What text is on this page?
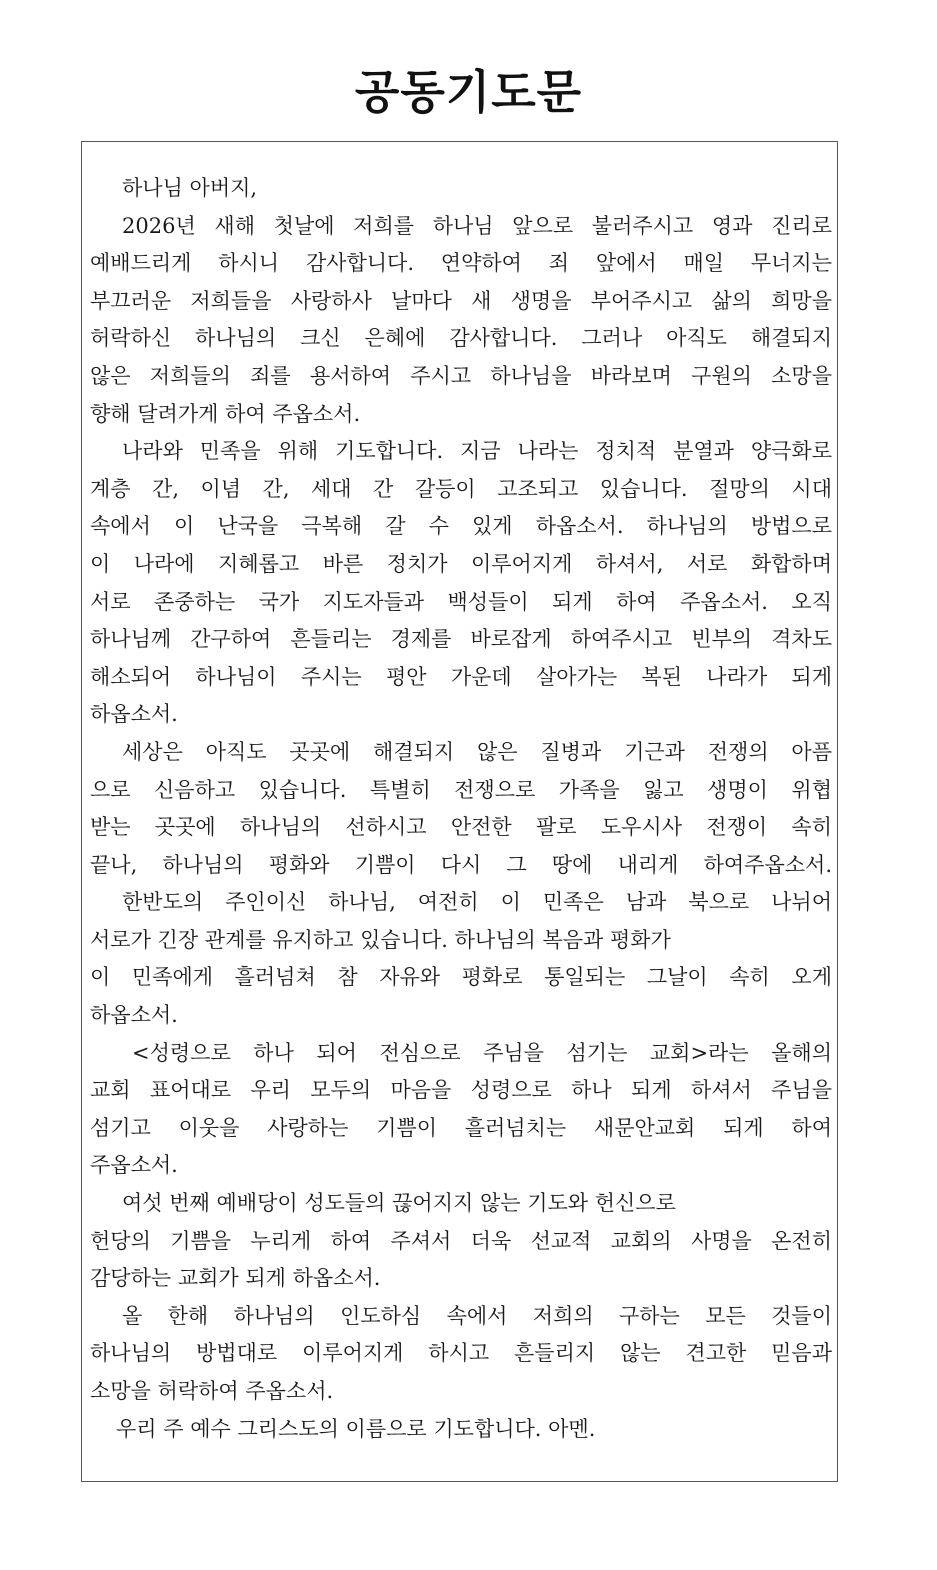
공동기도문
하나님 아버지,
2026년 새해 첫날에 저희를 하나님 앞으로 불러주시고 영과 진리로
예배드리게 하시니 감사합니다. 연약하여 죄 앞에서 매일 무너지는
부끄러운 저희들을 사랑하사 날마다 새 생명을 부어주시고 삶의 희망을
허락하신 하나님의 크신 은혜에 감사합니다. 그러나 아직도 해결되지
않은 저희들의 죄를 용서하여 주시고 하나님을 바라보며 구원의 소망을
향해 달려가게 하여 주옵소서.
나라와 민족을 위해 기도합니다. 지금 나라는 정치적 분열과 양극화로
계층 간, 이념 간, 세대 간 갈등이 고조되고 있습니다. 절망의 시대
속에서 이 난국을 극복해 갈 수 있게 하옵소서. 하나님의 방법으로
이 나라에 지혜롭고 바른 정치가 이루어지게 하셔서, 서로 화합하며
서로 존중하는 국가 지도자들과 백성들이 되게 하여 주옵소서. 오직
하나님께 간구하여 흔들리는 경제를 바로잡게 하여주시고 빈부의 격차도
해소되어 하나님이 주시는 평안 가운데 살아가는 복된 나라가 되게
하옵소서.
세상은 아직도 곳곳에 해결되지 않은 질병과 기근과 전쟁의 아픔
으로 신음하고 있습니다. 특별히 전쟁으로 가족을 잃고 생명이 위협
받는 곳곳에 하나님의 선하시고 안전한 팔로 도우시사 전쟁이 속히
끝나, 하나님의 평화와 기쁨이 다시 그 땅에 내리게 하여주옵소서.
한반도의 주인이신 하나님, 여전히 이 민족은 남과 북으로 나뉘어
서로가 긴장 관계를 유지하고 있습니다. 하나님의 복음과 평화가
이 민족에게 흘러넘쳐 참 자유와 평화로 통일되는 그날이 속히 오게
하옵소서.
<성령으로 하나 되어 전심으로 주님을 섬기는 교회>라는 올해의
교회 표어대로 우리 모두의 마음을 성령으로 하나 되게 하셔서 주님을
섬기고 이웃을 사랑하는 기쁨이 흘러넘치는 새문안교회 되게 하여
주옵소서.
여섯 번째 예배당이 성도들의 끊어지지 않는 기도와 헌신으로
헌당의 기쁨을 누리게 하여 주셔서 더욱 선교적 교회의 사명을 온전히
감당하는 교회가 되게 하옵소서.
올 한해 하나님의 인도하심 속에서 저희의 구하는 모든 것들이
하나님의 방법대로 이루어지게 하시고 흔들리지 않는 견고한 믿음과
소망을 허락하여 주옵소서.
우리 주 예수 그리스도의 이름으로 기도합니다. 아멘.
